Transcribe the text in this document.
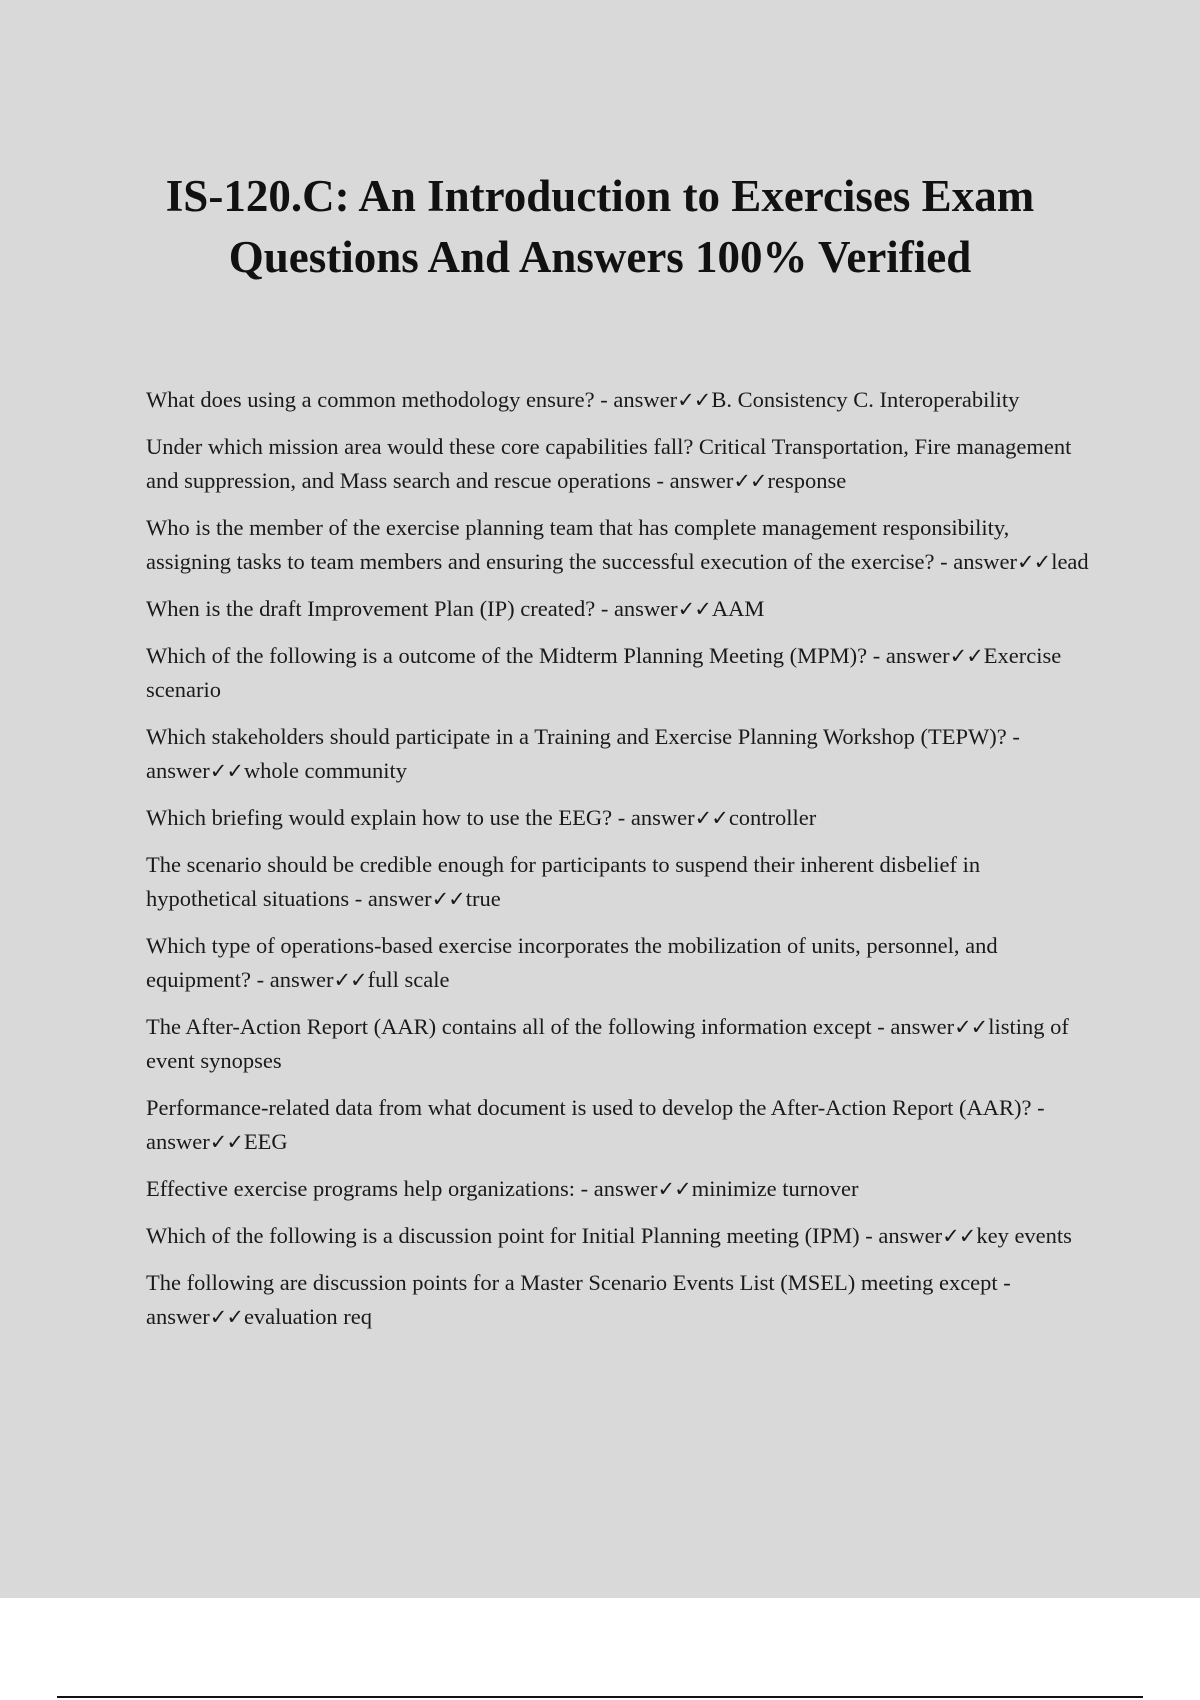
IS-120.C: An Introduction to Exercises Exam Questions And Answers 100% Verified
What does using a common methodology ensure? - answer✓✓B. Consistency C. Interoperability
Under which mission area would these core capabilities fall? Critical Transportation, Fire management and suppression, and Mass search and rescue operations - answer✓✓response
Who is the member of the exercise planning team that has complete management responsibility, assigning tasks to team members and ensuring the successful execution of the exercise? - answer✓✓lead
When is the draft Improvement Plan (IP) created? - answer✓✓AAM
Which of the following is a outcome of the Midterm Planning Meeting (MPM)? - answer✓✓Exercise scenario
Which stakeholders should participate in a Training and Exercise Planning Workshop (TEPW)? - answer✓✓whole community
Which briefing would explain how to use the EEG? - answer✓✓controller
The scenario should be credible enough for participants to suspend their inherent disbelief in hypothetical situations - answer✓✓true
Which type of operations-based exercise incorporates the mobilization of units, personnel, and equipment? - answer✓✓full scale
The After-Action Report (AAR) contains all of the following information except - answer✓✓listing of event synopses
Performance-related data from what document is used to develop the After-Action Report (AAR)? - answer✓✓EEG
Effective exercise programs help organizations: - answer✓✓minimize turnover
Which of the following is a discussion point for Initial Planning meeting (IPM) - answer✓✓key events
The following are discussion points for a Master Scenario Events List (MSEL) meeting except - answer✓✓evaluation req
